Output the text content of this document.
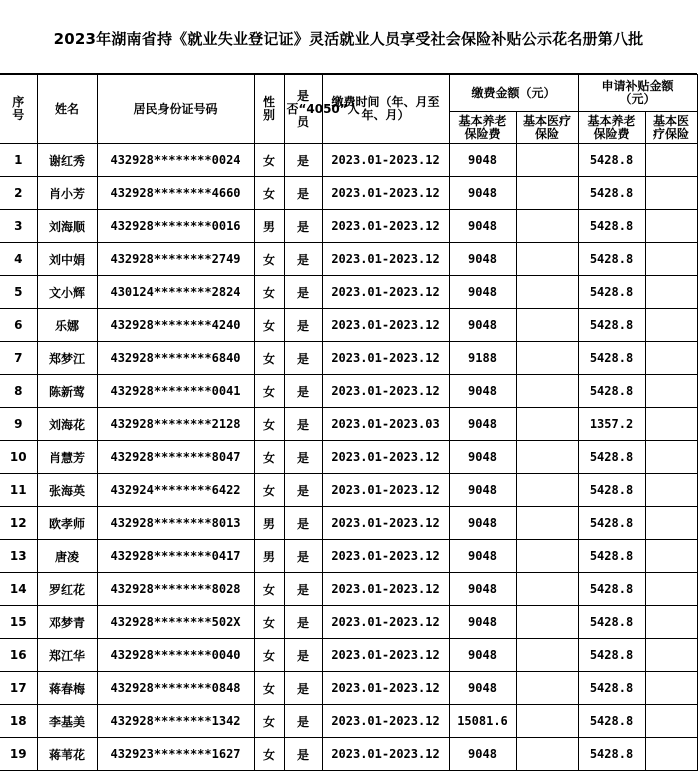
2023年湖南省持《就业失业登记证》灵活就业人员享受社会保险补贴公示花名册第八批
序号	姓名	居民身份证号码	性别	是否“4050”人员	缴费时间（年、月至年、月）	缴费金额（元）		申请补贴金额（元）	
						基本养老保险费	基本医疗保险	基本养老保险费	基本医疗保险
1	谢红秀	432928********0024	女	是	2023.01-2023.12	9048		5428.8	
2	肖小芳	432928********4660	女	是	2023.01-2023.12	9048		5428.8	
3	刘海顺	432928********0016	男	是	2023.01-2023.12	9048		5428.8	
4	刘中娟	432928********2749	女	是	2023.01-2023.12	9048		5428.8	
5	文小辉	430124********2824	女	是	2023.01-2023.12	9048		5428.8	
6	乐娜	432928********4240	女	是	2023.01-2023.12	9048		5428.8	
7	郑梦江	432928********6840	女	是	2023.01-2023.12	9188		5428.8	
8	陈新莺	432928********0041	女	是	2023.01-2023.12	9048		5428.8	
9	刘海花	432928********2128	女	是	2023.01-2023.03	9048		1357.2	
10	肖慧芳	432928********8047	女	是	2023.01-2023.12	9048		5428.8	
11	张海英	432924********6422	女	是	2023.01-2023.12	9048		5428.8	
12	欧孝师	432928********8013	男	是	2023.01-2023.12	9048		5428.8	
13	唐凌	432928********0417	男	是	2023.01-2023.12	9048		5428.8	
14	罗红花	432928********8028	女	是	2023.01-2023.12	9048		5428.8	
15	邓梦青	432928********502X	女	是	2023.01-2023.12	9048		5428.8	
16	郑江华	432928********0040	女	是	2023.01-2023.12	9048		5428.8	
17	蒋春梅	432928********0848	女	是	2023.01-2023.12	9048		5428.8	
18	李基美	432928********1342	女	是	2023.01-2023.12	15081.6		5428.8	
19	蒋苇花	432923********1627	女	是	2023.01-2023.12	9048		5428.8	
